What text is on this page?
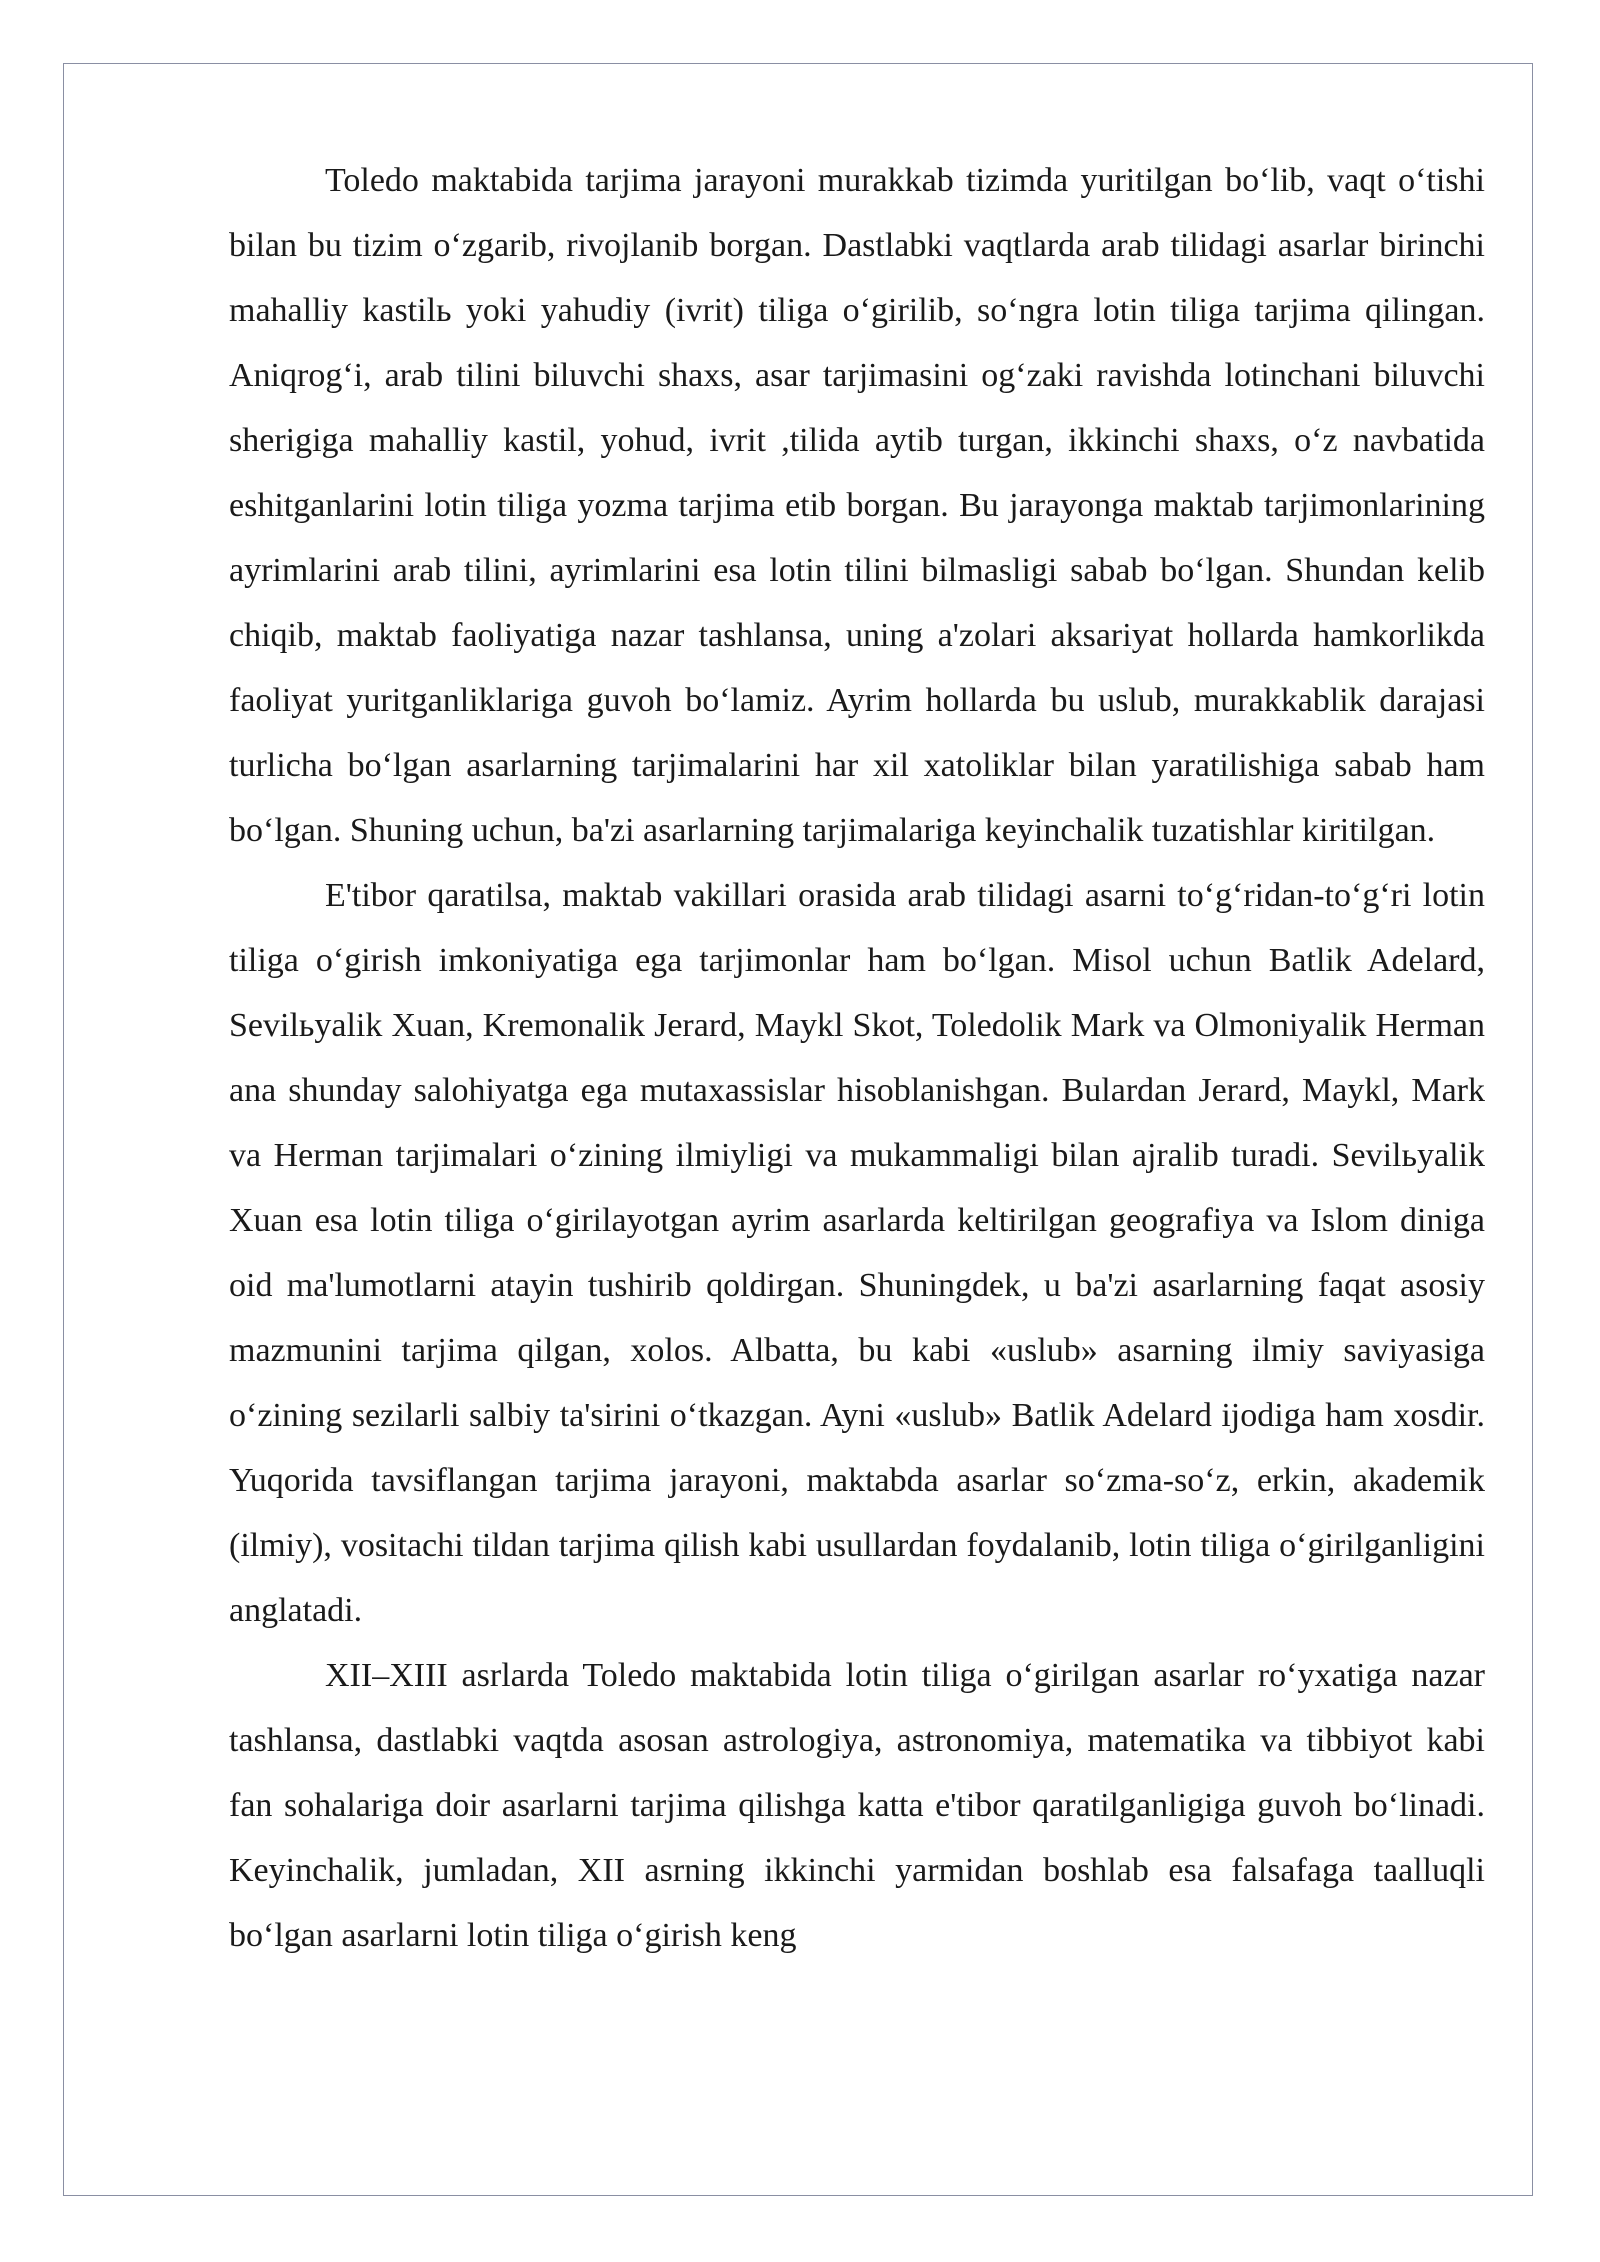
Toledo maktabida tarjima jarayoni murakkab tizimda yuritilgan bo‘lib, vaqt o‘tishi bilan bu tizim o‘zgarib, rivojlanib borgan. Dastlabki vaqtlarda arab tilidagi asarlar birinchi mahalliy kastilь yoki yahudiy (ivrit) tiliga o‘girilib, so‘ngra lotin tiliga tarjima qilingan. Aniqrog‘i, arab tilini biluvchi shaxs, asar tarjimasini og‘zaki ravishda lotinchani biluvchi sherigiga mahalliy kastil, yohud, ivrit ,tilida aytib turgan, ikkinchi shaxs, o‘z navbatida eshitganlarini lotin tiliga yozma tarjima etib borgan. Bu jarayonga maktab tarjimonlarining ayrimlarini arab tilini, ayrimlarini esa lotin tilini bilmasligi sabab bo‘lgan. Shundan kelib chiqib, maktab faoliyatiga nazar tashlansa, uning a'zolari aksariyat hollarda hamkorlikda faoliyat yuritganliklariga guvoh bo‘lamiz. Ayrim hollarda bu uslub, murakkablik darajasi turlicha bo‘lgan asarlarning tarjimalarini har xil xatoliklar bilan yaratilishiga sabab ham bo‘lgan. Shuning uchun, ba'zi asarlarning tarjimalariga keyinchalik tuzatishlar kiritilgan.

E'tibor qaratilsa, maktab vakillari orasida arab tilidagi asarni to‘g‘ridan-to‘g‘ri lotin tiliga o‘girish imkoniyatiga ega tarjimonlar ham bo‘lgan. Misol uchun Batlik Adelard, Sevilьyalik Xuan, Kremonalik Jerard, Maykl Skot, Toledolik Mark va Olmoniyalik Herman ana shunday salohiyatga ega mutaxassislar hisoblanishgan. Bulardan Jerard, Maykl, Mark va Herman tarjimalari o‘zining ilmiyligi va mukammaligi bilan ajralib turadi. Sevilьyalik Xuan esa lotin tiliga o‘girilayotgan ayrim asarlarda keltirilgan geografiya va Islom diniga oid ma'lumotlarni atayin tushirib qoldirgan. Shuningdek, u ba'zi asarlarning faqat asosiy mazmunini tarjima qilgan, xolos. Albatta, bu kabi «uslub» asarning ilmiy saviyasiga o‘zining sezilarli salbiy ta'sirini o‘tkazgan. Ayni «uslub» Batlik Adelard ijodiga ham xosdir. Yuqorida tavsiflangan tarjima jarayoni, maktabda asarlar so‘zma-so‘z, erkin, akademik (ilmiy), vositachi tildan tarjima qilish kabi usullardan foydalanib, lotin tiliga o‘girilganligini anglatadi.

XII–XIII asrlarda Toledo maktabida lotin tiliga o‘girilgan asarlar ro‘yxatiga nazar tashlansa, dastlabki vaqtda asosan astrologiya, astronomiya, matematika va tibbiyot kabi fan sohalariga doir asarlarni tarjima qilishga katta e'tibor qaratilganligiga guvoh bo‘linadi. Keyinchalik, jumladan, XII asrning ikkinchi yarmidan boshlab esa falsafaga taalluqli bo‘lgan asarlarni lotin tiliga o‘girish keng
